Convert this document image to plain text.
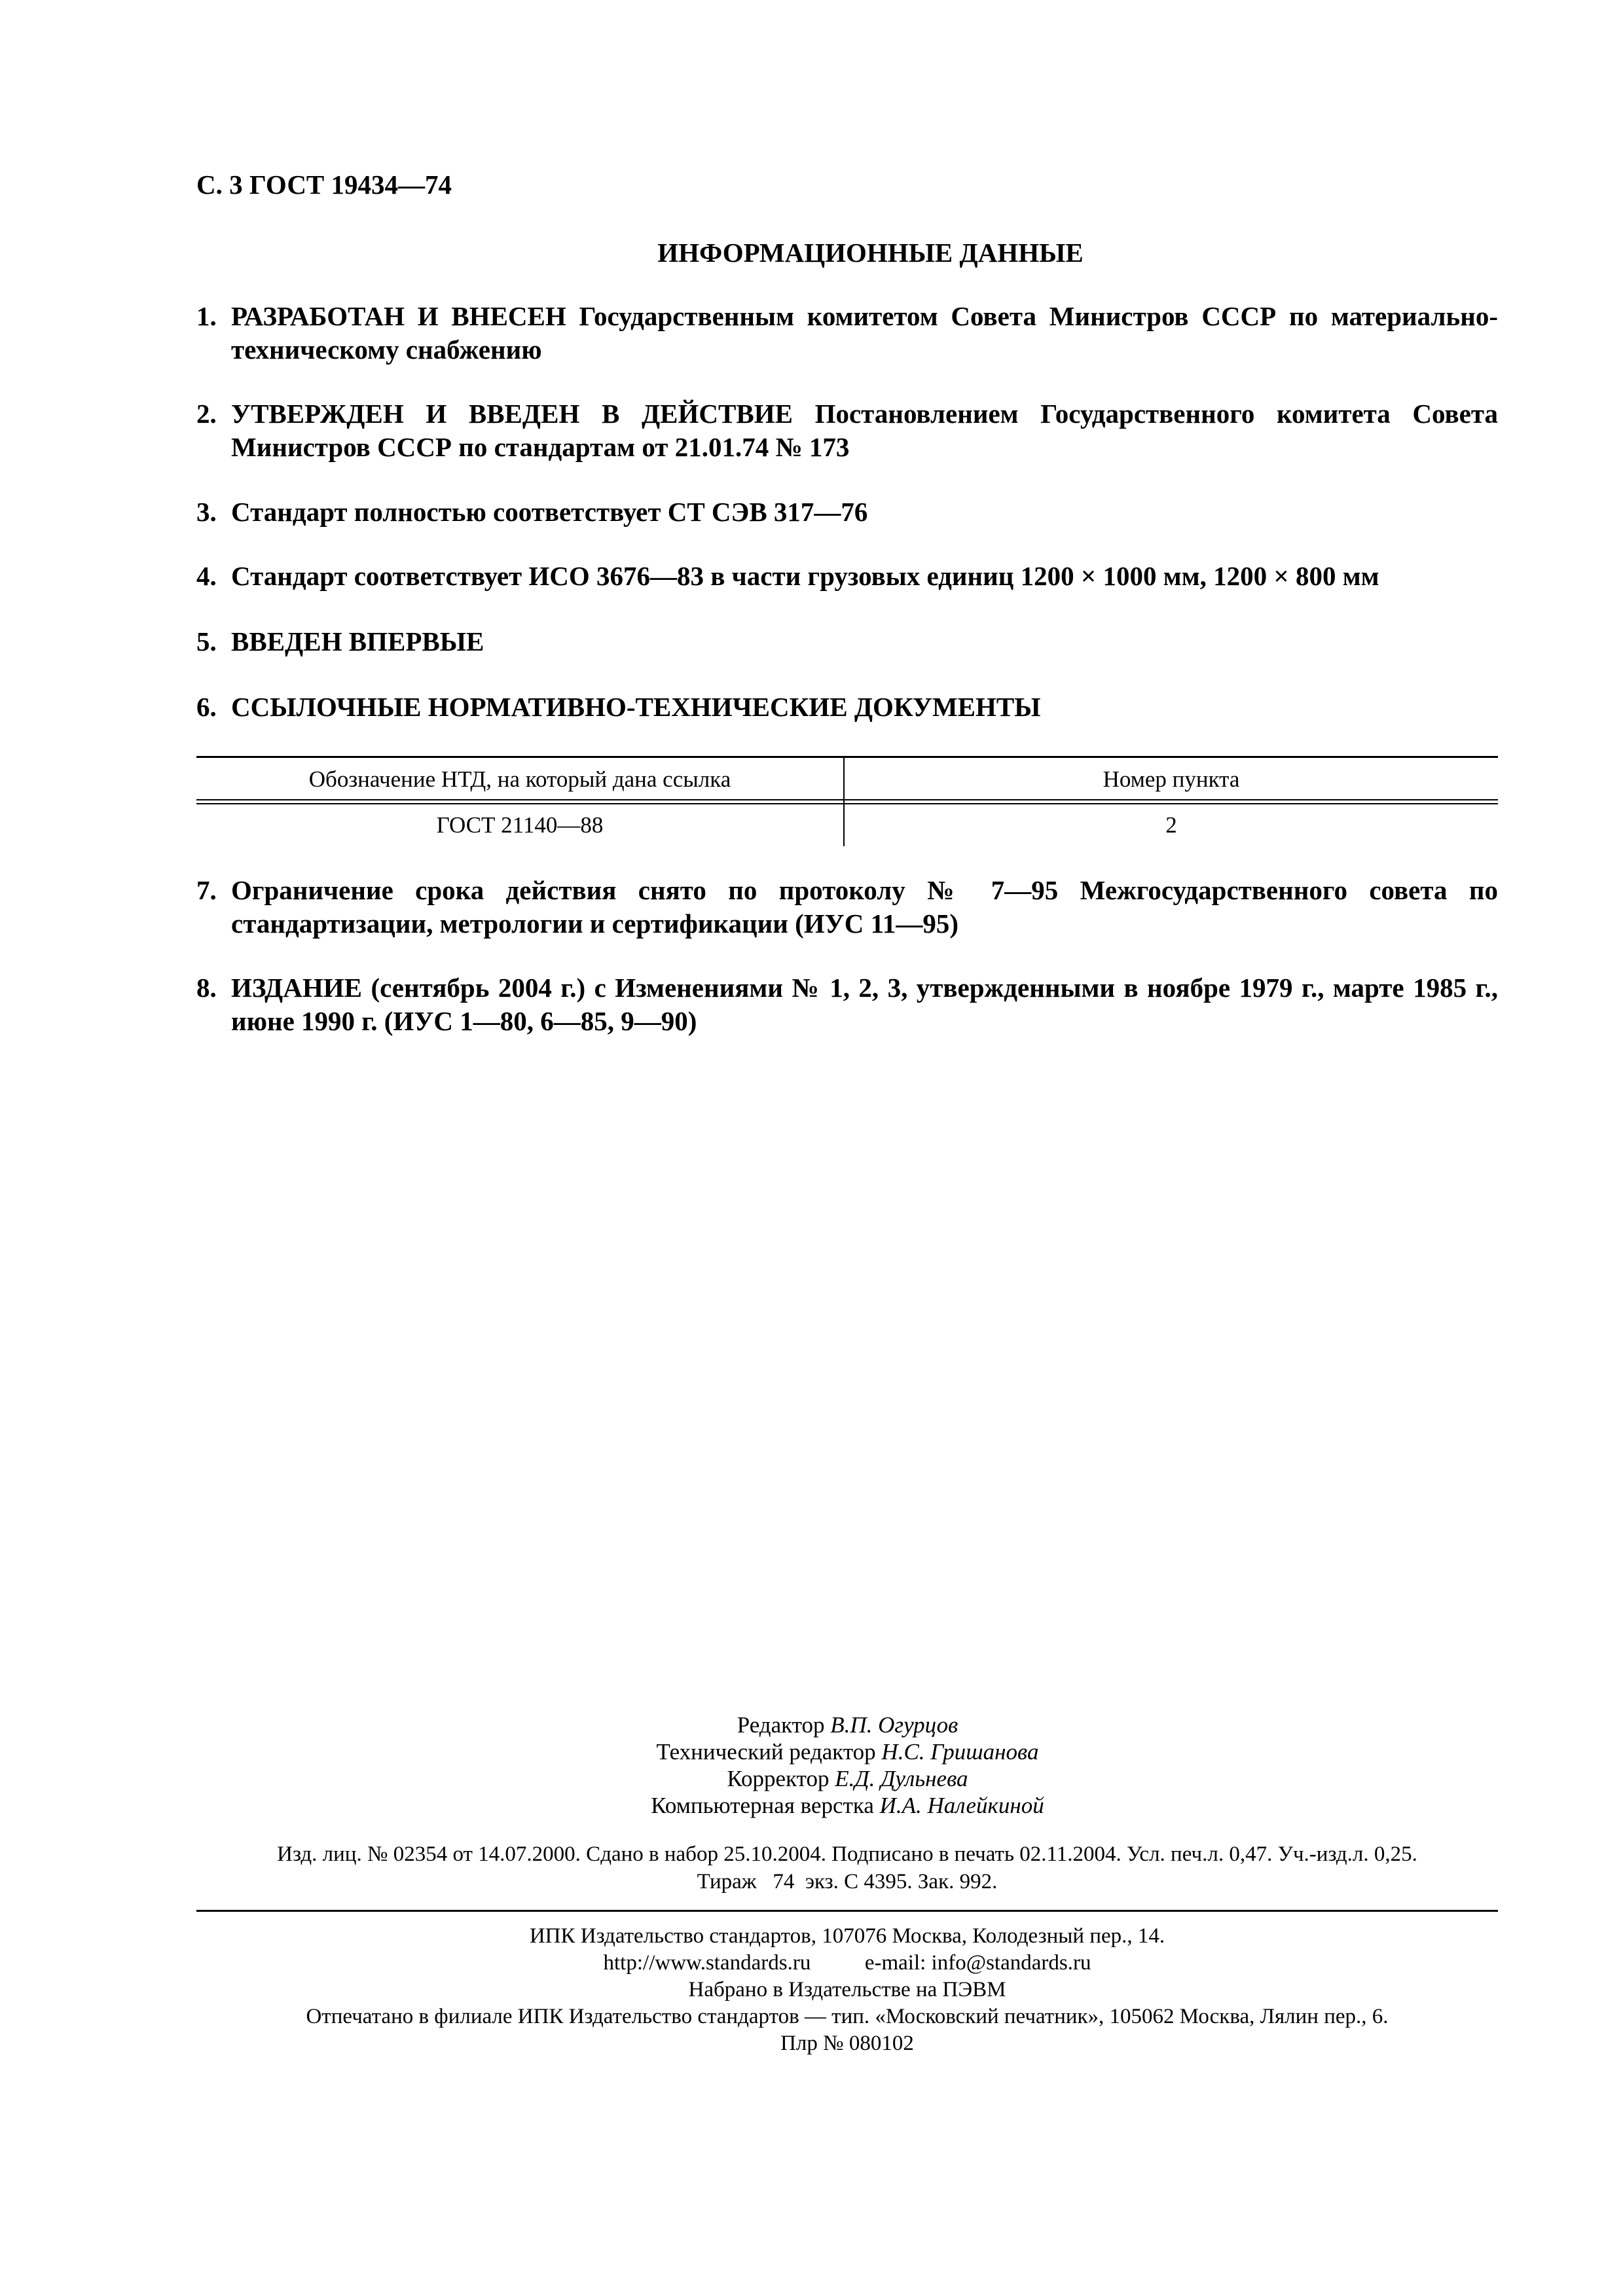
С. 3 ГОСТ 19434—74
ИНФОРМАЦИОННЫЕ ДАННЫЕ
1. РАЗРАБОТАН И ВНЕСЕН Государственным комитетом Совета Министров СССР по материально-техническому снабжению
2. УТВЕРЖДЕН И ВВЕДЕН В ДЕЙСТВИЕ Постановлением Государственного комитета Совета Министров СССР по стандартам от 21.01.74 № 173
3. Стандарт полностью соответствует СТ СЭВ 317—76
4. Стандарт соответствует ИСО 3676—83 в части грузовых единиц 1200 × 1000 мм, 1200 × 800 мм
5. ВВЕДЕН ВПЕРВЫЕ
6. ССЫЛОЧНЫЕ НОРМАТИВНО-ТЕХНИЧЕСКИЕ ДОКУМЕНТЫ
Обозначение НТД, на который дана ссылка	Номер пункта
ГОСТ 21140—88	2
7. Ограничение срока действия снято по протоколу № 7—95 Межгосударственного совета по стандартизации, метрологии и сертификации (ИУС 11—95)
8. ИЗДАНИЕ (сентябрь 2004 г.) с Изменениями № 1, 2, 3, утвержденными в ноябре 1979 г., марте 1985 г., июне 1990 г. (ИУС 1—80, 6—85, 9—90)
Редактор В.П. Огурцов
Технический редактор Н.С. Гришанова
Корректор Е.Д. Дульнева
Компьютерная верстка И.А. Налейкиной
Изд. лиц. № 02354 от 14.07.2000. Сдано в набор 25.10.2004. Подписано в печать 02.11.2004. Усл. печ.л. 0,47. Уч.-изд.л. 0,25.
Тираж   74  экз. С 4395. Зак. 992.
ИПК Издательство стандартов, 107076 Москва, Колодезный пер., 14.
http://www.standards.ru          e-mail: info@standards.ru
Набрано в Издательстве на ПЭВМ
Отпечатано в филиале ИПК Издательство стандартов — тип. «Московский печатник», 105062 Москва, Лялин пер., 6.
Плр № 080102
